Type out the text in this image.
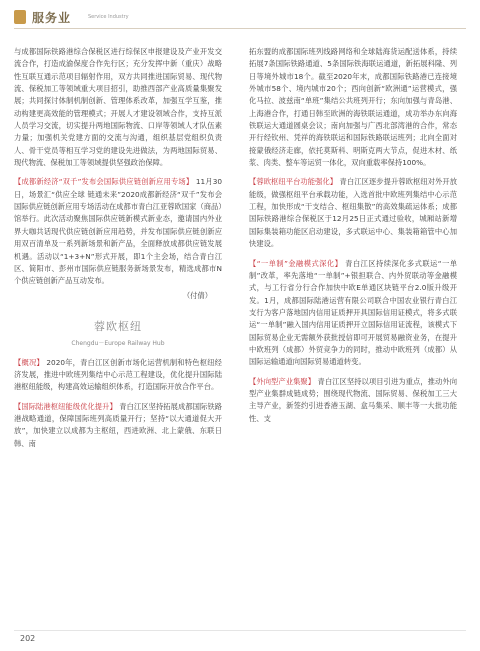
服务业	Service Industry

与成都国际铁路港综合保税区进行综保区申报建设及产业开发交流合作，打造成渝保度合作先行区；充分发挥中新（重庆）战略性互联互通示范项目辐射作用，双方共同推进国际贸易、现代物流、保税加工等领域重大项目招引，助推西部产业高质量集聚发展；共同探讨体制机制创新、管理体系改革，加强互学互鉴，推动构建更高效能的管理模式；开展人才建设领域合作，支持互派人员学习交流，切实提升两地国际物流、口岸等领域人才队伍素力量；加强机关党建方面的交流与沟通，组织基层党组织负责人、骨干党员等相互学习党的建设先进做法，为两地国际贸易、现代物流、保税加工等领域提供坚强政治保障。

【成都新经济“双千”发布会国际供应链创新应用专场】 11月30日，场景汇“供应全球 链通未来”2020成都新经济“双千”发布会国际供应链创新应用专场活动在成都市青白江亚蓉欧国家（商品）馆举行。此次活动聚焦国际供应链新模式新业态，邀请国内外业界大咖共话现代供应链创新应用趋势，并发布国际供应链创新应用双百清单及一系列新场景和新产品，全面释放成都供应链发展机遇。活动以“1+3+N”形式开展，即1个主会场，结合青白江区、简阳市、彭州市国际供应链服务新场景发布，精选成都市N个供应链创新产品互动发布。

（付倩）

蓉欧枢纽
Chengdu－Europe Railway Hub

【概况】 2020年，青白江区创新市场化运营机制和特色枢纽经济发展，推进中欧班列集结中心示范工程建设，优化提升国际陆港枢纽能级，构建高效运输组织体系，打造国际开放合作平台。

【国际陆港枢纽能级优化提升】 青白江区坚持拓展成都国际铁路港战略通道，保障国际班列高质量开行；坚持“以大通道促大开放”，加快建立以成都为主枢纽，西进欧洲、北上蒙俄、东联日韩、南

拓东盟的成都国际班列线路网络和全球陆海货运配送体系，持续拓展7条国际铁路通道、5条国际铁海联运通道，新拓展科隆、列日等境外城市18个。截至2020年末，成都国际铁路港已连接境外城市58个、境内城市20个；西向创新“欧洲通”运营模式，强化马拉、波兹南“单班”集结公共班列开行；东向加强与青岛港、上海港合作，打通日韩至欧洲的海铁联运通道，成功举办东向海铁联运大通道圆桌会议；南向加强与广西北部湾港的合作，常态开行经钦州、凭祥的海铁联运和国际铁路联运班列；北向全面对接蒙俄经济走廊，依托莫斯科、明斯克两大节点，促进木材、纸浆、肉类、整车等运贸一体化，双向重载率保持100%。

【蓉欧枢纽平台功能强化】 青白江区逐步提升蓉欧枢纽对外开放能级，做强枢纽平台承载功能，入选首批中欧班列集结中心示范工程，加快形成“干支结合、枢纽集散”的高效集疏运体系；成都国际铁路港综合保税区于12月25日正式通过验收，城厢站新增国际集装箱功能区启动建设，多式联运中心、集装箱箱管中心加快建设。

【“一单制”金融模式深化】 青白江区持续深化多式联运“一单制”改革，率先落地“一单制”+银担联合、内外贸联动等金融模式，与工行省分行合作加快中欧E单通区块链平台2.0版升级开发。1月，成都国际陆港运营有限公司联合中国农业银行青白江支行为客户落地国内信用证质押开具国际信用证模式，将多式联运“一单制”融入国内信用证质押开立国际信用证流程，该模式下国际贸易企业无需额外获批授信即可开展贸易融资业务，在提升中欧班列（成都）外贸竞争力的同时，推动中欧班列（成都）从国际运输通道向国际贸易通道转变。

【外向型产业集聚】 青白江区坚持以项目引进为重点，推动外向型产业集群成链成势；围绕现代物流、国际贸易、保税加工三大主导产业，新签约引进香港玉湖、盒马集采、顺丰等一大批功能性、支

202
